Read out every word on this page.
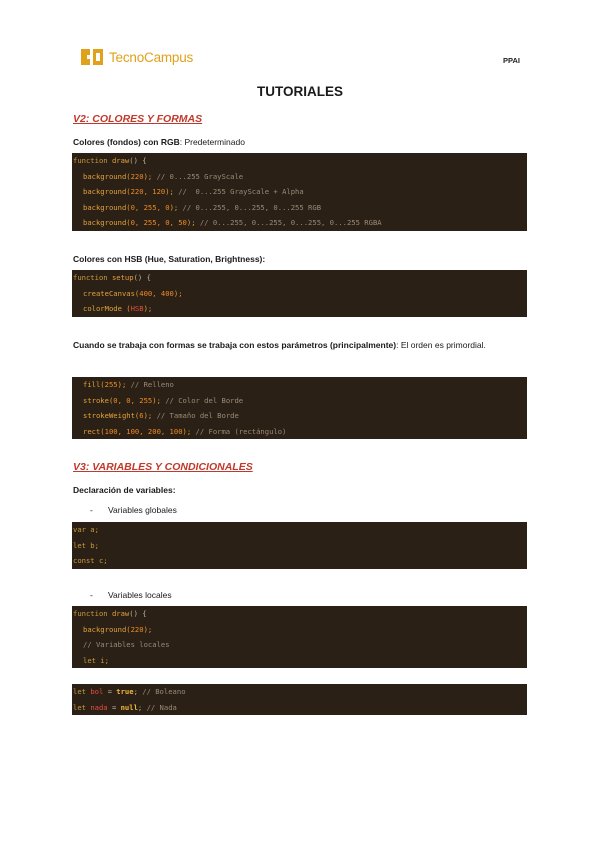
TecnoCampus	PPAI
TUTORIALES
V2: COLORES Y FORMAS
Colores (fondos) con RGB: Predeterminado
function draw() {
background(220); // 0...255 GrayScale
background(220, 120); //  0...255 GrayScale + Alpha
background(0, 255, 0); // 0...255, 0...255, 0...255 RGB
background(0, 255, 0, 50); // 0...255, 0...255, 0...255, 0...255 RGBA
Colores con HSB (Hue, Saturation, Brightness):
function setup() {
createCanvas(400, 400);
colorMode (HSB);
Cuando se trabaja con formas se trabaja con estos parámetros (principalmente): El orden es primordial.
fill(255); // Relleno
stroke(0, 0, 255); // Color del Borde
strokeWeight(6); // Tamaño del Borde
rect(100, 100, 200, 100); // Forma (rectángulo)
V3: VARIABLES Y CONDICIONALES
Declaración de variables:
- Variables globales
var a;
let b;
const c;
- Variables locales
function draw() {
background(220);
// Variables locales
let i;
let bol = true; // Boleano
let nada = null; // Nada
